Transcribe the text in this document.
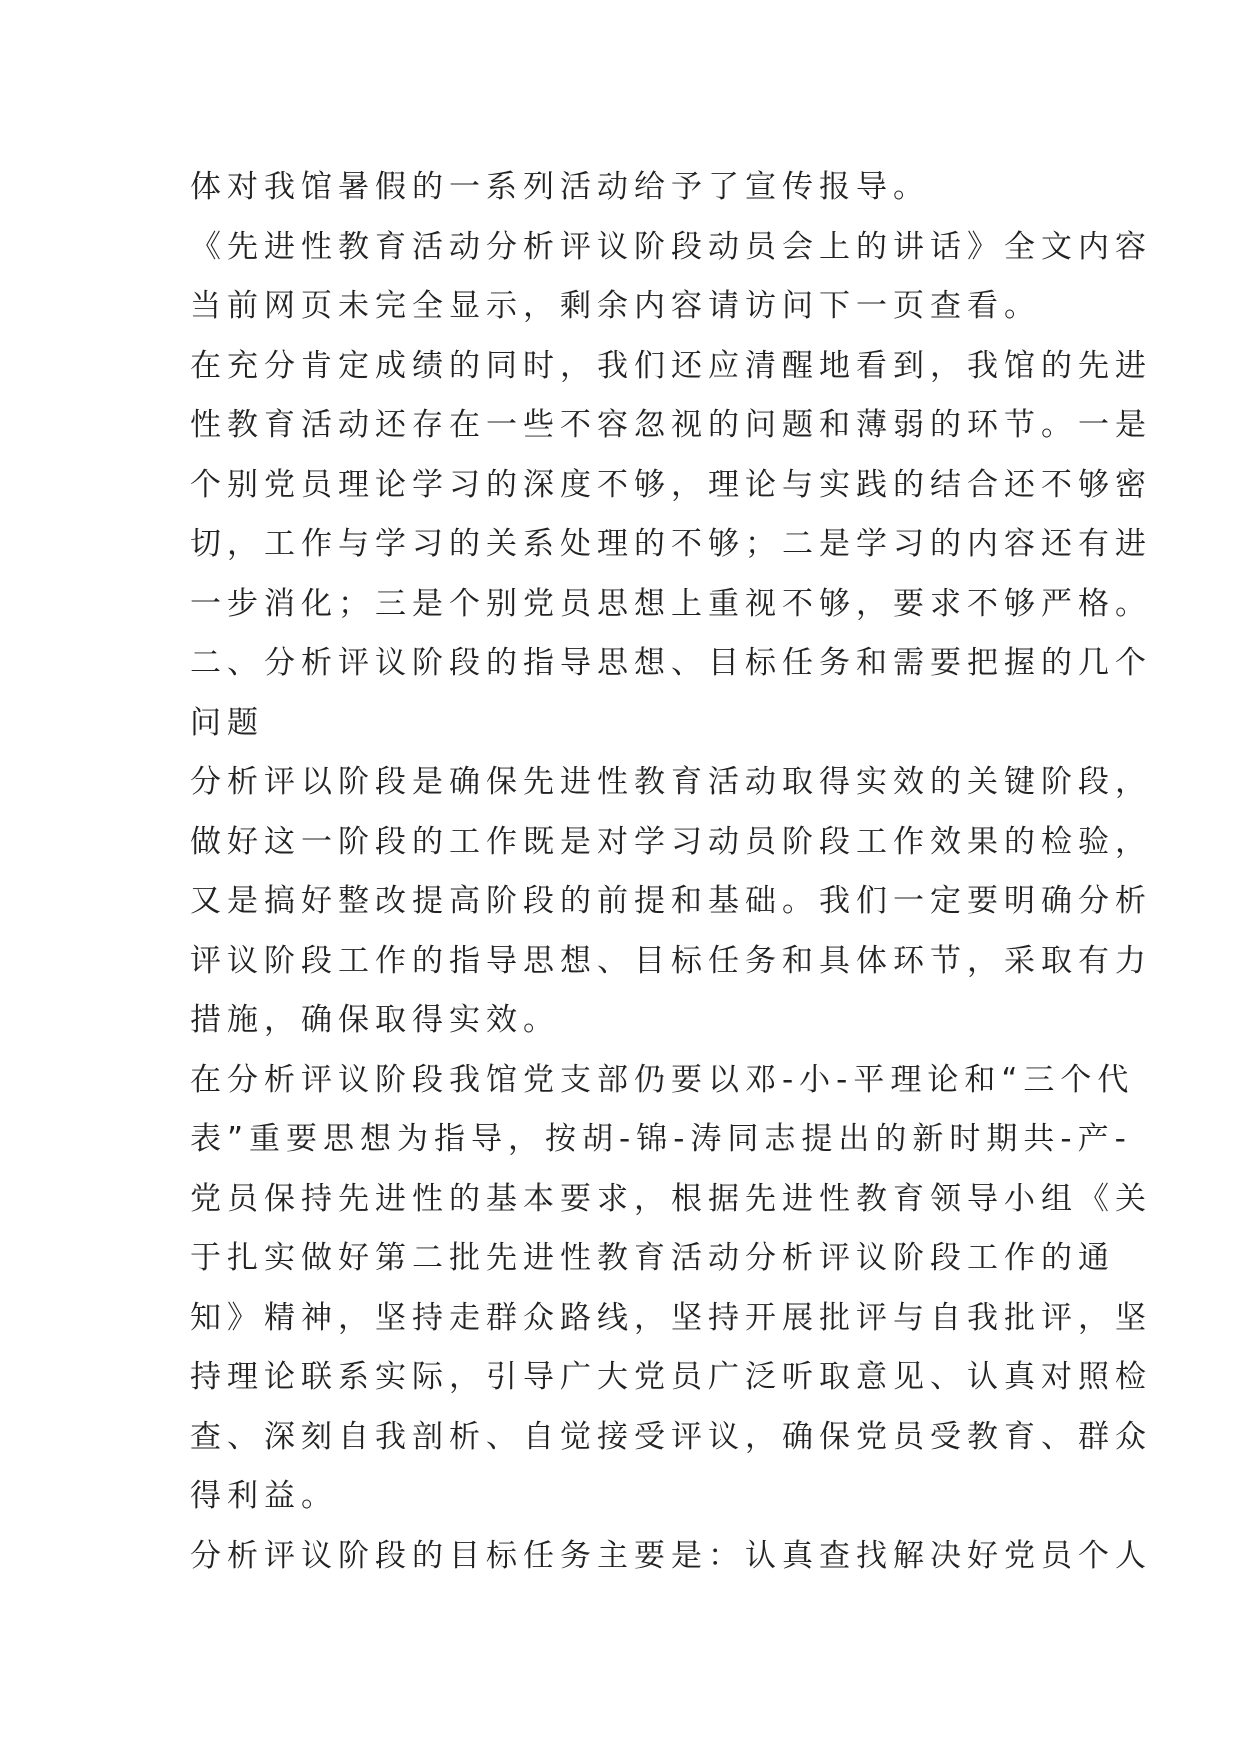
体对我馆暑假的一系列活动给予了宣传报导。

《先进性教育活动分析评议阶段动员会上的讲话》全文内容

当前网页未完全显示，剩余内容请访问下一页查看。

在充分肯定成绩的同时，我们还应清醒地看到，我馆的先进

性教育活动还存在一些不容忽视的问题和薄弱的环节。一是

个别党员理论学习的深度不够，理论与实践的结合还不够密

切，工作与学习的关系处理的不够；二是学习的内容还有进

一步消化；三是个别党员思想上重视不够，要求不够严格。

二、分析评议阶段的指导思想、目标任务和需要把握的几个

问题

分析评以阶段是确保先进性教育活动取得实效的关键阶段，

做好这一阶段的工作既是对学习动员阶段工作效果的检验，

又是搞好整改提高阶段的前提和基础。我们一定要明确分析

评议阶段工作的指导思想、目标任务和具体环节，采取有力

措施，确保取得实效。

在分析评议阶段我馆党支部仍要以邓-小-平理论和“三个代

表”重要思想为指导，按胡-锦-涛同志提出的新时期共-产-

党员保持先进性的基本要求，根据先进性教育领导小组《关

于扎实做好第二批先进性教育活动分析评议阶段工作的通

知》精神，坚持走群众路线，坚持开展批评与自我批评，坚

持理论联系实际，引导广大党员广泛听取意见、认真对照检

查、深刻自我剖析、自觉接受评议，确保党员受教育、群众

得利益。

分析评议阶段的目标任务主要是：认真查找解决好党员个人
